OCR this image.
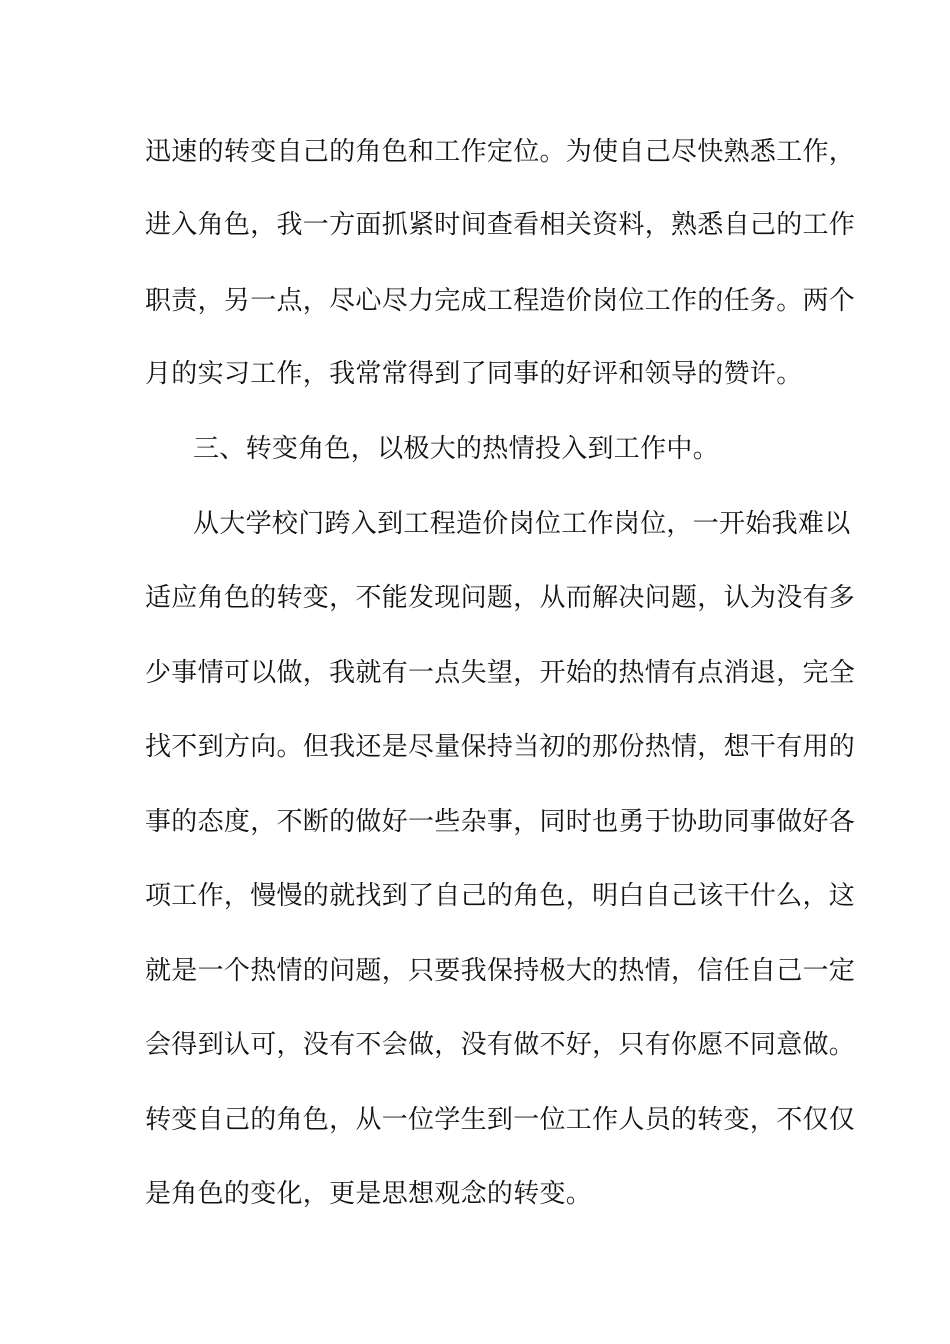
迅速的转变自己的角色和工作定位。为使自己尽快熟悉工作，
进入角色，我一方面抓紧时间查看相关资料，熟悉自己的工作
职责，另一点，尽心尽力完成工程造价岗位工作的任务。两个
月的实习工作，我常常得到了同事的好评和领导的赞许。
三、转变角色，以极大的热情投入到工作中。
从大学校门跨入到工程造价岗位工作岗位，一开始我难以
适应角色的转变，不能发现问题，从而解决问题，认为没有多
少事情可以做，我就有一点失望，开始的热情有点消退，完全
找不到方向。但我还是尽量保持当初的那份热情，想干有用的
事的态度，不断的做好一些杂事，同时也勇于协助同事做好各
项工作，慢慢的就找到了自己的角色，明白自己该干什么，这
就是一个热情的问题，只要我保持极大的热情，信任自己一定
会得到认可，没有不会做，没有做不好，只有你愿不同意做。
转变自己的角色，从一位学生到一位工作人员的转变，不仅仅
是角色的变化，更是思想观念的转变。
